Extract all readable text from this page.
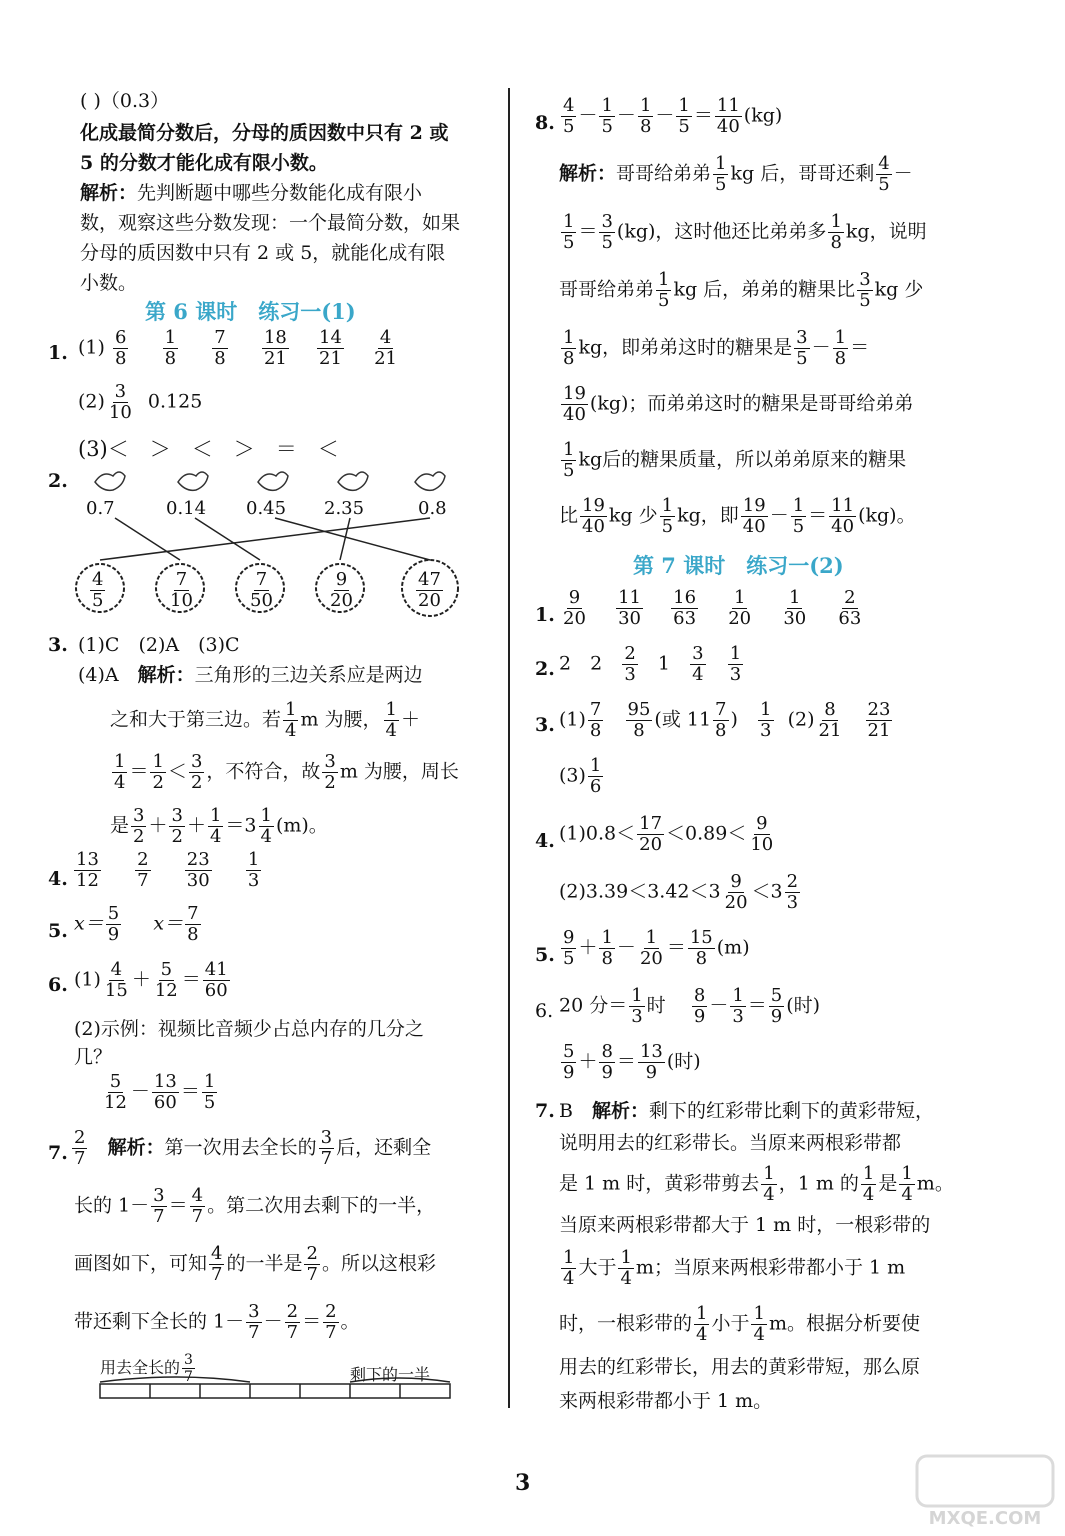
( )（0.3）
化成最简分数后，分母的质因数中只有 2 或
5 的分数才能化成有限小数。
解析：先判断题中哪些分数能化成有限小
数，观察这些分数发现：一个最简分数，如果
分母的质因数中只有 2 或 5，就能化成有限
小数。
第 6 课时　练习一(1)
1. $(1) \frac{6}{8}$
$\frac{1}{8}$
$\frac{7}{8}$
$\frac{18}{21}$
$\frac{14}{21}$
$\frac{4}{21}$
$(2) \frac{3}{10} 0.125$
(3)＜　＞　＜　＞　＝　＜
2.
0.7	0.14 0.45 2.35	0.8
$\frac{4}{5}$	$\frac{7}{10}$	$\frac{7}{50}$	$\frac{9}{20}$	$\frac{47}{20}$
3. (1)C　(2)A　(3)C
(4)A　解析：三角形的三边关系应是两边
之和大于第三边。若 $\frac{1}{4}$ m 为腰， $\frac{1}{4}$ ＋
$\frac{1}{4} = \frac{1}{2} < \frac{3}{2}$ ，不符合，故 $\frac{3}{2}$ m 为腰，周长
是 $\frac{3}{2} + \frac{3}{2} + \frac{1}{4} =3 \frac{1}{4} (m)$。
4. $\frac{13}{12}$
$\frac{2}{7}$
$\frac{23}{30}$
$\frac{1}{3}$
5. $x= \frac{5}{9} x= \frac{7}{8}$
6. $(1) \frac{4}{15} + \frac{5}{12} = \frac{41}{60}$
(2)示例：视频比音频少占总内存的几分之
几？
$\frac{5}{12} - \frac{13}{60} = \frac{1}{5}$
7. $\frac{2}{7}$ 解析：第一次用去全长的 $\frac{3}{7}$ 后，还剩全
长的 $1- \frac{3}{7} = \frac{4}{7}$ 。第二次用去剩下的一半，
画图如下，可知 $\frac{4}{7}$ 的一半是 $\frac{2}{7}$ 。所以这根彩
带还剩下全长的 $1- \frac{3}{7} - \frac{2}{7} = \frac{2}{7}$ 。
用去全长的 $\frac{3}{7}$	剩下的一半
8. $\frac{4}{5} - \frac{1}{5} - \frac{1}{8} - \frac{1}{5} = \frac{11}{40} (kg)$
解析：哥哥给弟弟 $\frac{1}{5}$ kg 后，哥哥还剩 $\frac{4}{5}$ －
$\frac{1}{5} = \frac{3}{5} (kg)$，这时他还比弟弟多 $\frac{1}{8}$ kg，说明
哥哥给弟弟 $\frac{1}{5}$ kg 后，弟弟的糖果比 $\frac{3}{5}$ kg 少
$\frac{1}{8}$ kg，即弟弟这时的糖果是 $\frac{3}{5} - \frac{1}{8}$ ＝
$\frac{19}{40} (kg)$；而弟弟这时的糖果是哥哥给弟弟
$\frac{1}{5}$ kg后的糖果质量，所以弟弟原来的糖果
比 $\frac{19}{40}$ kg 少 $\frac{1}{5}$ kg，即 $\frac{19}{40} - \frac{1}{5} = \frac{11}{40} (kg)$。
第 7 课时　练习一(2)
1. $\frac{9}{20}$
$\frac{11}{30}$
$\frac{16}{63}$
$\frac{1}{20}$
$\frac{1}{30}$
$\frac{2}{63}$
2. 2　$2 \frac{2}{3} 1 \frac{3}{4}$
$\frac{1}{3}$
3. $(1) \frac{7}{8}$
$\frac{95}{8}$ (或 $11 \frac{7}{8}$ ) $\frac{1}{3} (2) \frac{8}{21}$
$\frac{23}{21}$
$(3) \frac{1}{6}$
4. $(1)0.8< \frac{17}{20} <0.89< \frac{9}{10}$
$(2)3.39<3.42<3 \frac{9}{20} <3 \frac{2}{3}$
5. $\frac{9}{5} + \frac{1}{8} - \frac{1}{20} = \frac{15}{8} (m)$
6. 20 分＝ $\frac{1}{3}$ 时 $\frac{8}{9} - \frac{1}{3} = \frac{5}{9}$ (时)
$\frac{5}{9} + \frac{8}{9} = \frac{13}{9}$ (时)
7. B　解析：剩下的红彩带比剩下的黄彩带短，
说明用去的红彩带长。当原来两根彩带都
是 1 m 时，黄彩带剪去 $\frac{1}{4}$ ，1 m 的 $\frac{1}{4}$ 是 $\frac{1}{4}$ m。
当原来两根彩带都大于 1 m 时，一根彩带的
$\frac{1}{4}$ 大于 $\frac{1}{4}$ m；当原来两根彩带都小于 1 m
时，一根彩带的 $\frac{1}{4}$ 小于 $\frac{1}{4}$ m。根据分析要使
用去的红彩带长，用去的黄彩带短，那么原
来两根彩带都小于 1 m。
3
MXQE.COM
